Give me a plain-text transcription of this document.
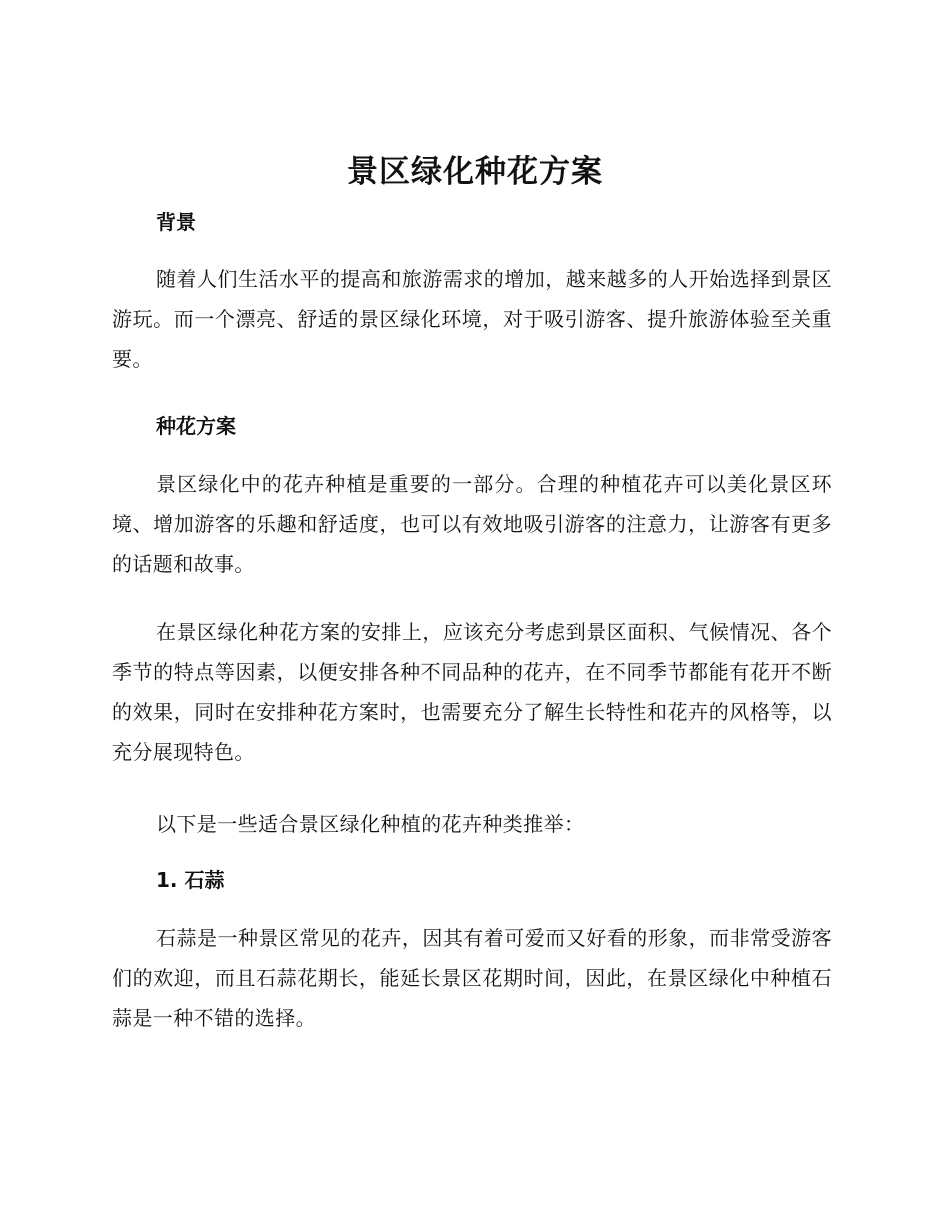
景区绿化种花方案
背景

随着人们生活水平的提高和旅游需求的增加，越来越多的人开始选择到景区游玩。而一个漂亮、舒适的景区绿化环境，对于吸引游客、提升旅游体验至关重要。

种花方案

景区绿化中的花卉种植是重要的一部分。合理的种植花卉可以美化景区环境、增加游客的乐趣和舒适度，也可以有效地吸引游客的注意力，让游客有更多的话题和故事。

在景区绿化种花方案的安排上，应该充分考虑到景区面积、气候情况、各个季节的特点等因素，以便安排各种不同品种的花卉，在不同季节都能有花开不断的效果，同时在安排种花方案时，也需要充分了解生长特性和花卉的风格等，以充分展现特色。

以下是一些适合景区绿化种植的花卉种类推举：

1. 石蒜

石蒜是一种景区常见的花卉，因其有着可爱而又好看的形象，而非常受游客们的欢迎，而且石蒜花期长，能延长景区花期时间，因此，在景区绿化中种植石蒜是一种不错的选择。
